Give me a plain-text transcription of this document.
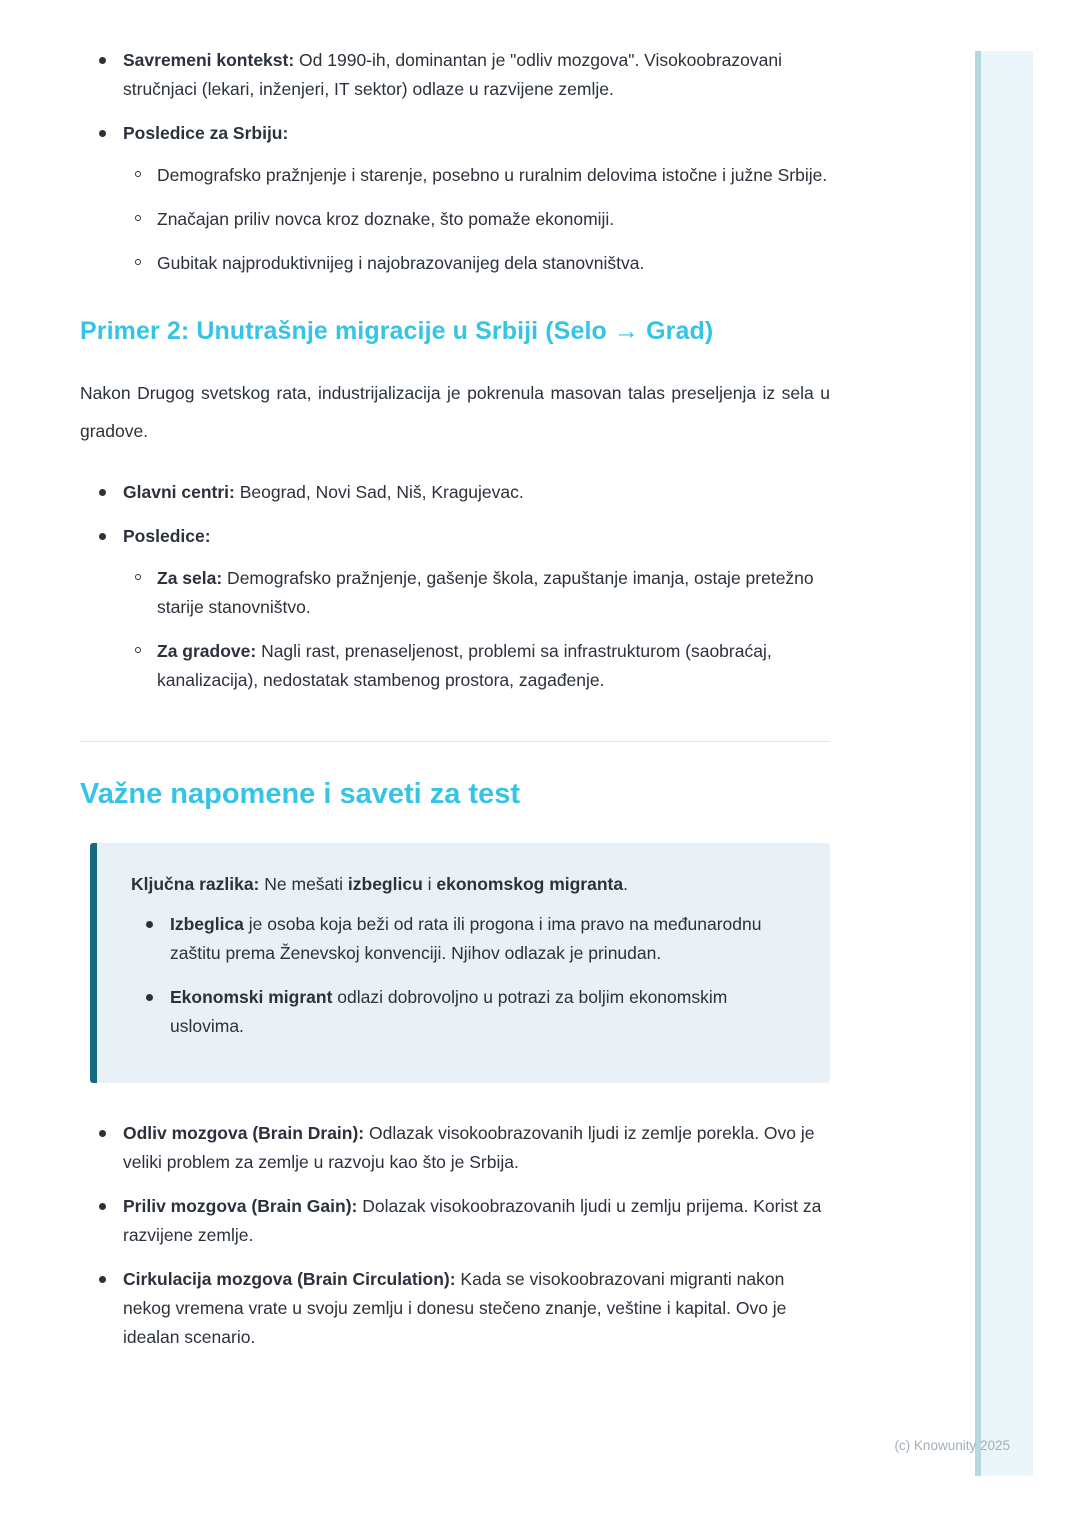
Savremeni kontekst: Od 1990-ih, dominantan je "odliv mozgova". Visokoobrazovani stručnjaci (lekari, inženjeri, IT sektor) odlaze u razvijene zemlje.
Posledice za Srbiju:
Demografsko pražnjenje i starenje, posebno u ruralnim delovima istočne i južne Srbije.
Značajan priliv novca kroz doznake, što pomaže ekonomiji.
Gubitak najproduktivnijeg i najobrazovanijeg dela stanovništva.
Primer 2: Unutrašnje migracije u Srbiji (Selo → Grad)

Nakon Drugog svetskog rata, industrijalizacija je pokrenula masovan talas preseljenja iz sela u gradove.

Glavni centri: Beograd, Novi Sad, Niš, Kragujevac.
Posledice:
Za sela: Demografsko pražnjenje, gašenje škola, zapuštanje imanja, ostaje pretežno starije stanovništvo.
Za gradove: Nagli rast, prenaseljenost, problemi sa infrastrukturom (saobraćaj, kanalizacija), nedostatak stambenog prostora, zagađenje.
Važne napomene i saveti za test

Ključna razlika: Ne mešati izbeglicu i ekonomskog migranta.

Izbeglica je osoba koja beži od rata ili progona i ima pravo na međunarodnu zaštitu prema Ženevskoj konvenciji. Njihov odlazak je prinudan.
Ekonomski migrant odlazi dobrovoljno u potrazi za boljim ekonomskim uslovima.
Odliv mozgova (Brain Drain): Odlazak visokoobrazovanih ljudi iz zemlje porekla. Ovo je veliki problem za zemlje u razvoju kao što je Srbija.
Priliv mozgova (Brain Gain): Dolazak visokoobrazovanih ljudi u zemlju prijema. Korist za razvijene zemlje.
Cirkulacija mozgova (Brain Circulation): Kada se visokoobrazovani migranti nakon nekog vremena vrate u svoju zemlju i donesu stečeno znanje, veštine i kapital. Ovo je idealan scenario.
(c) Knowunity 2025
